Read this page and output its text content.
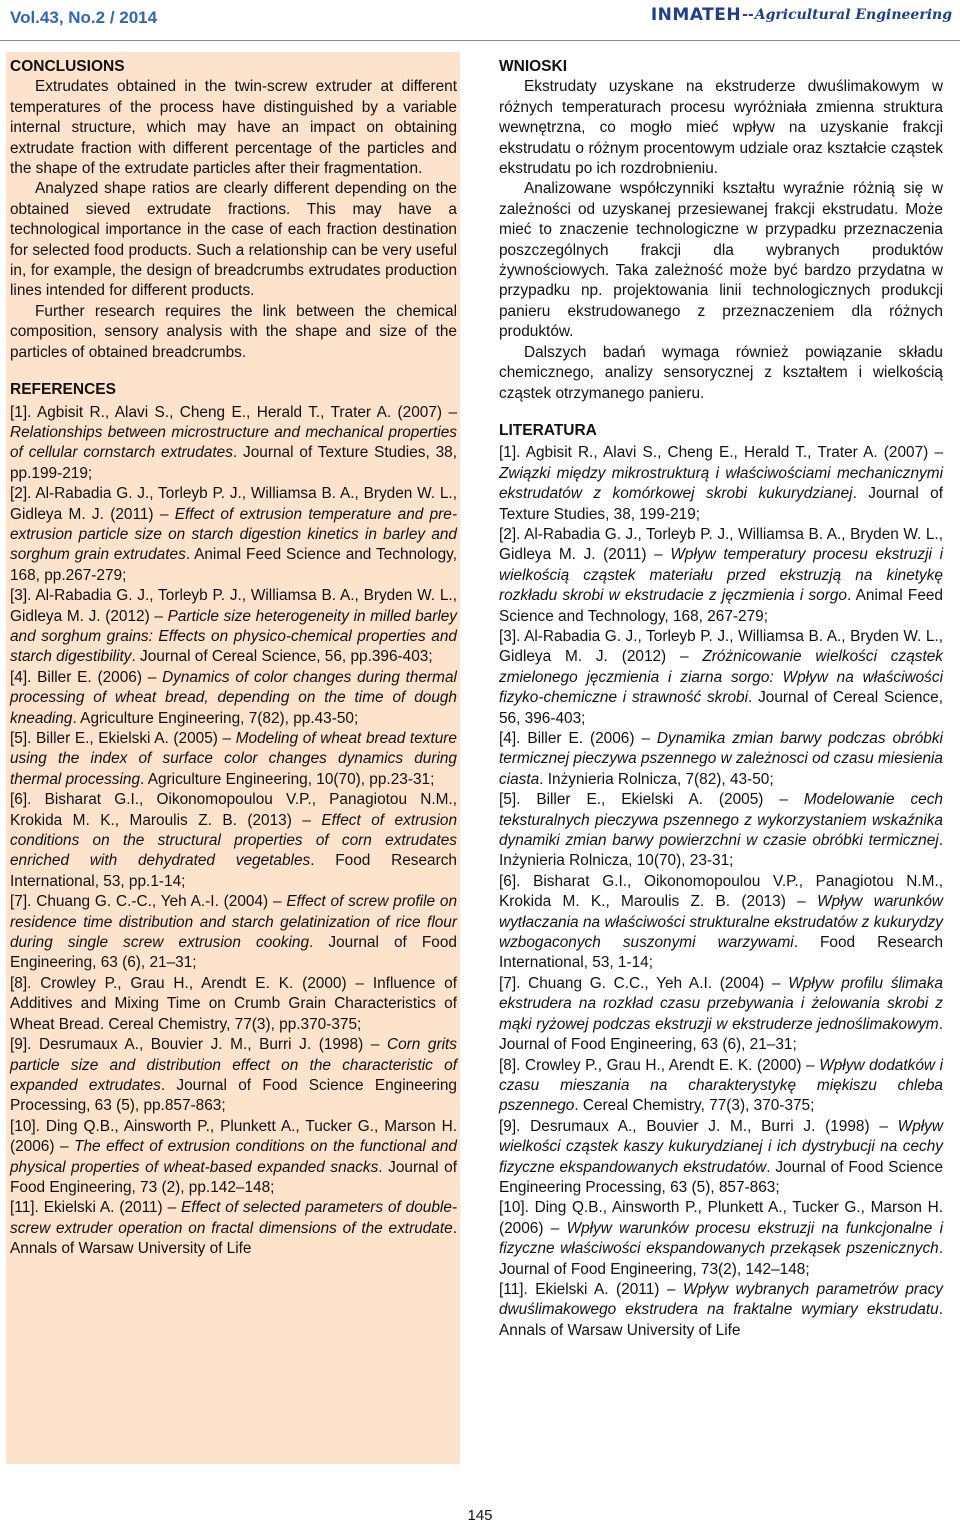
Vol.43, No.2 / 2014	INMATEH -- Agricultural Engineering

CONCLUSIONS

Extrudates obtained in the twin-screw extruder at different temperatures of the process have distinguished by a variable internal structure, which may have an impact on obtaining extrudate fraction with different percentage of the particles and the shape of the extrudate particles after their fragmentation.

Analyzed shape ratios are clearly different depending on the obtained sieved extrudate fractions. This may have a technological importance in the case of each fraction destination for selected food products. Such a relationship can be very useful in, for example, the design of breadcrumbs extrudates production lines intended for different products.

Further research requires the link between the chemical composition, sensory analysis with the shape and size of the particles of obtained breadcrumbs.

REFERENCES

[1]. Agbisit R., Alavi S., Cheng E., Herald T., Trater A. (2007) – Relationships between microstructure and mechanical properties of cellular cornstarch extrudates. Journal of Texture Studies, 38, pp.199-219;

[2]. Al-Rabadia G. J., Torleyb P. J., Williamsa B. A., Bryden W. L., Gidleya M. J. (2011) – Effect of extrusion temperature and pre-extrusion particle size on starch digestion kinetics in barley and sorghum grain extrudates. Animal Feed Science and Technology, 168, pp.267-279;

[3]. Al-Rabadia G. J., Torleyb P. J., Williamsa B. A., Bryden W. L., Gidleya M. J. (2012) – Particle size heterogeneity in milled barley and sorghum grains: Effects on physico-chemical properties and starch digestibility. Journal of Cereal Science, 56, pp.396-403;

[4]. Biller E. (2006) – Dynamics of color changes during thermal processing of wheat bread, depending on the time of dough kneading. Agriculture Engineering, 7(82), pp.43-50;

[5]. Biller E., Ekielski A. (2005) – Modeling of wheat bread texture using the index of surface color changes dynamics during thermal processing. Agriculture Engineering, 10(70), pp.23-31;

[6]. Bisharat G.I., Oikonomopoulou V.P., Panagiotou N.M., Krokida M. K., Maroulis Z. B. (2013) – Effect of extrusion conditions on the structural properties of corn extrudates enriched with dehydrated vegetables. Food Research International, 53, pp.1-14;

[7]. Chuang G. C.-C., Yeh A.-I. (2004) – Effect of screw profile on residence time distribution and starch gelatinization of rice flour during single screw extrusion cooking. Journal of Food Engineering, 63 (6), 21–31;

[8]. Crowley P., Grau H., Arendt E. K. (2000) – Influence of Additives and Mixing Time on Crumb Grain Characteristics of Wheat Bread. Cereal Chemistry, 77(3), pp.370-375;

[9]. Desrumaux A., Bouvier J. M., Burri J. (1998) – Corn grits particle size and distribution effect on the characteristic of expanded extrudates. Journal of Food Science Engineering Processing, 63 (5), pp.857-863;

[10]. Ding Q.B., Ainsworth P., Plunkett A., Tucker G., Marson H. (2006) – The effect of extrusion conditions on the functional and physical properties of wheat-based expanded snacks. Journal of Food Engineering, 73 (2), pp.142–148;

[11]. Ekielski A. (2011) – Effect of selected parameters of double-screw extruder operation on fractal dimensions of the extrudate. Annals of Warsaw University of Life

WNIOSKI

Ekstrudaty uzyskane na ekstruderze dwuślimakowym w różnych temperaturach procesu wyróżniała zmienna struktura wewnętrzna, co mogło mieć wpływ na uzyskanie frakcji ekstrudatu o różnym procentowym udziale oraz kształcie cząstek ekstrudatu po ich rozdrobnieniu.

Analizowane współczynniki kształtu wyraźnie różnią się w zależności od uzyskanej przesiewanej frakcji ekstrudatu. Może mieć to znaczenie technologiczne w przypadku przeznaczenia poszczególnych frakcji dla wybranych produktów żywnościowych. Taka zależność może być bardzo przydatna w przypadku np. projektowania linii technologicznych produkcji panieru ekstrudowanego z przeznaczeniem dla różnych produktów.

Dalszych badań wymaga również powiązanie składu chemicznego, analizy sensorycznej z kształtem i wielkością cząstek otrzymanego panieru.

LITERATURA

[1]. Agbisit R., Alavi S., Cheng E., Herald T., Trater A. (2007) – Związki między mikrostrukturą i właściwościami mechanicznymi ekstrudatów z komórkowej skrobi kukurydzianej. Journal of Texture Studies, 38, 199-219;

[2]. Al-Rabadia G. J., Torleyb P. J., Williamsa B. A., Bryden W. L., Gidleya M. J. (2011) – Wpływ temperatury procesu ekstruzji i wielkością cząstek materiału przed ekstruzją na kinetykę rozkładu skrobi w ekstrudacie z jęczmienia i sorgo. Animal Feed Science and Technology, 168, 267-279;

[3]. Al-Rabadia G. J., Torleyb P. J., Williamsa B. A., Bryden W. L., Gidleya M. J. (2012) – Zróżnicowanie wielkości cząstek zmielonego jęczmienia i ziarna sorgo: Wpływ na właściwości fizyko-chemiczne i strawność skrobi. Journal of Cereal Science, 56, 396-403;

[4]. Biller E. (2006) – Dynamika zmian barwy podczas obróbki termicznej pieczywa pszennego w zależnosci od czasu miesienia ciasta. Inżynieria Rolnicza, 7(82), 43-50;

[5]. Biller E., Ekielski A. (2005) – Modelowanie cech teksturalnych pieczywa pszennego z wykorzystaniem wskaźnika dynamiki zmian barwy powierzchni w czasie obróbki termicznej. Inżynieria Rolnicza, 10(70), 23-31;

[6]. Bisharat G.I., Oikonomopoulou V.P., Panagiotou N.M., Krokida M. K., Maroulis Z. B. (2013) – Wpływ warunków wytłaczania na właściwości strukturalne ekstrudatów z kukurydzy wzbogaconych suszonymi warzywami. Food Research International, 53, 1-14;

[7]. Chuang G. C.C., Yeh A.I. (2004) – Wpływ profilu ślimaka ekstrudera na rozkład czasu przebywania i żelowania skrobi z mąki ryżowej podczas ekstruzji w ekstruderze jednoślimakowym. Journal of Food Engineering, 63 (6), 21–31;

[8]. Crowley P., Grau H., Arendt E. K. (2000) – Wpływ dodatków i czasu mieszania na charakterystykę miękiszu chleba pszennego. Cereal Chemistry, 77(3), 370-375;

[9]. Desrumaux A., Bouvier J. M., Burri J. (1998) – Wpływ wielkości cząstek kaszy kukurydzianej i ich dystrybucji na cechy fizyczne ekspandowanych ekstrudatów. Journal of Food Science Engineering Processing, 63 (5), 857-863;

[10]. Ding Q.B., Ainsworth P., Plunkett A., Tucker G., Marson H. (2006) – Wpływ warunków procesu ekstruzji na funkcjonalne i fizyczne właściwości ekspandowanych przekąsek pszenicznych. Journal of Food Engineering, 73(2), 142–148;

[11]. Ekielski A. (2011) – Wpływ wybranych parametrów pracy dwuślimakowego ekstrudera na fraktalne wymiary ekstrudatu. Annals of Warsaw University of Life

145
